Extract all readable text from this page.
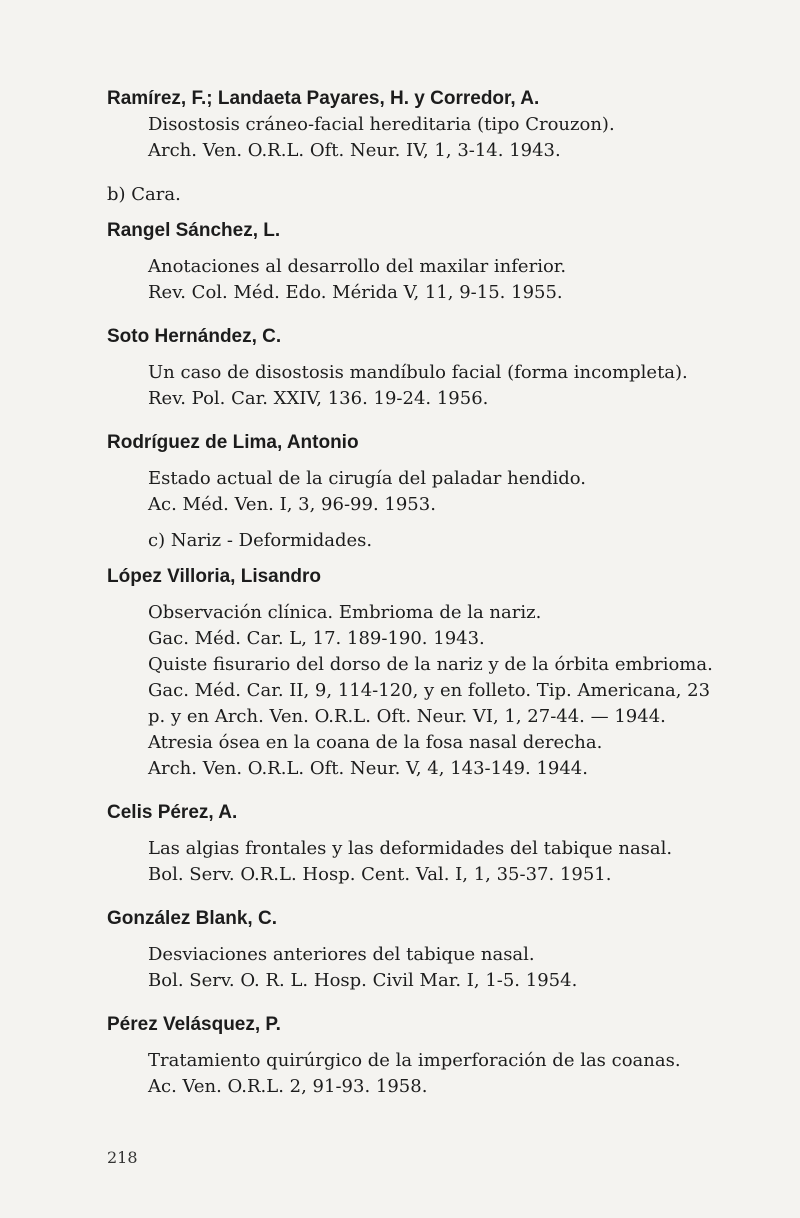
Ramírez, F.; Landaeta Payares, H. y Corredor, A.

Disostosis cráneo-facial hereditaria (tipo Crouzon).

Arch. Ven. O.R.L. Oft. Neur. IV, 1, 3-14. 1943.

b) Cara.

Rangel Sánchez, L.

Anotaciones al desarrollo del maxilar inferior.

Rev. Col. Méd. Edo. Mérida V, 11, 9-15. 1955.

Soto Hernández, C.

Un caso de disostosis mandíbulo facial (forma incompleta).

Rev. Pol. Car. XXIV, 136. 19-24. 1956.

Rodríguez de Lima, Antonio

Estado actual de la cirugía del paladar hendido.

Ac. Méd. Ven. I, 3, 96-99. 1953.

c) Nariz - Deformidades.

López Villoria, Lisandro

Observación clínica. Embrioma de la nariz.

Gac. Méd. Car. L, 17. 189-190. 1943.

Quiste fisurario del dorso de la nariz y de la órbita embrioma.

Gac. Méd. Car. II, 9, 114-120, y en folleto. Tip. Americana, 23

p. y en Arch. Ven. O.R.L. Oft. Neur. VI, 1, 27-44. — 1944.

Atresia ósea en la coana de la fosa nasal derecha.

Arch. Ven. O.R.L. Oft. Neur. V, 4, 143-149. 1944.

Celis Pérez, A.

Las algias frontales y las deformidades del tabique nasal.

Bol. Serv. O.R.L. Hosp. Cent. Val. I, 1, 35-37. 1951.

González Blank, C.

Desviaciones anteriores del tabique nasal.

Bol. Serv. O. R. L. Hosp. Civil Mar. I, 1-5. 1954.

Pérez Velásquez, P.

Tratamiento quirúrgico de la imperforación de las coanas.

Ac. Ven. O.R.L. 2, 91-93. 1958.

218
